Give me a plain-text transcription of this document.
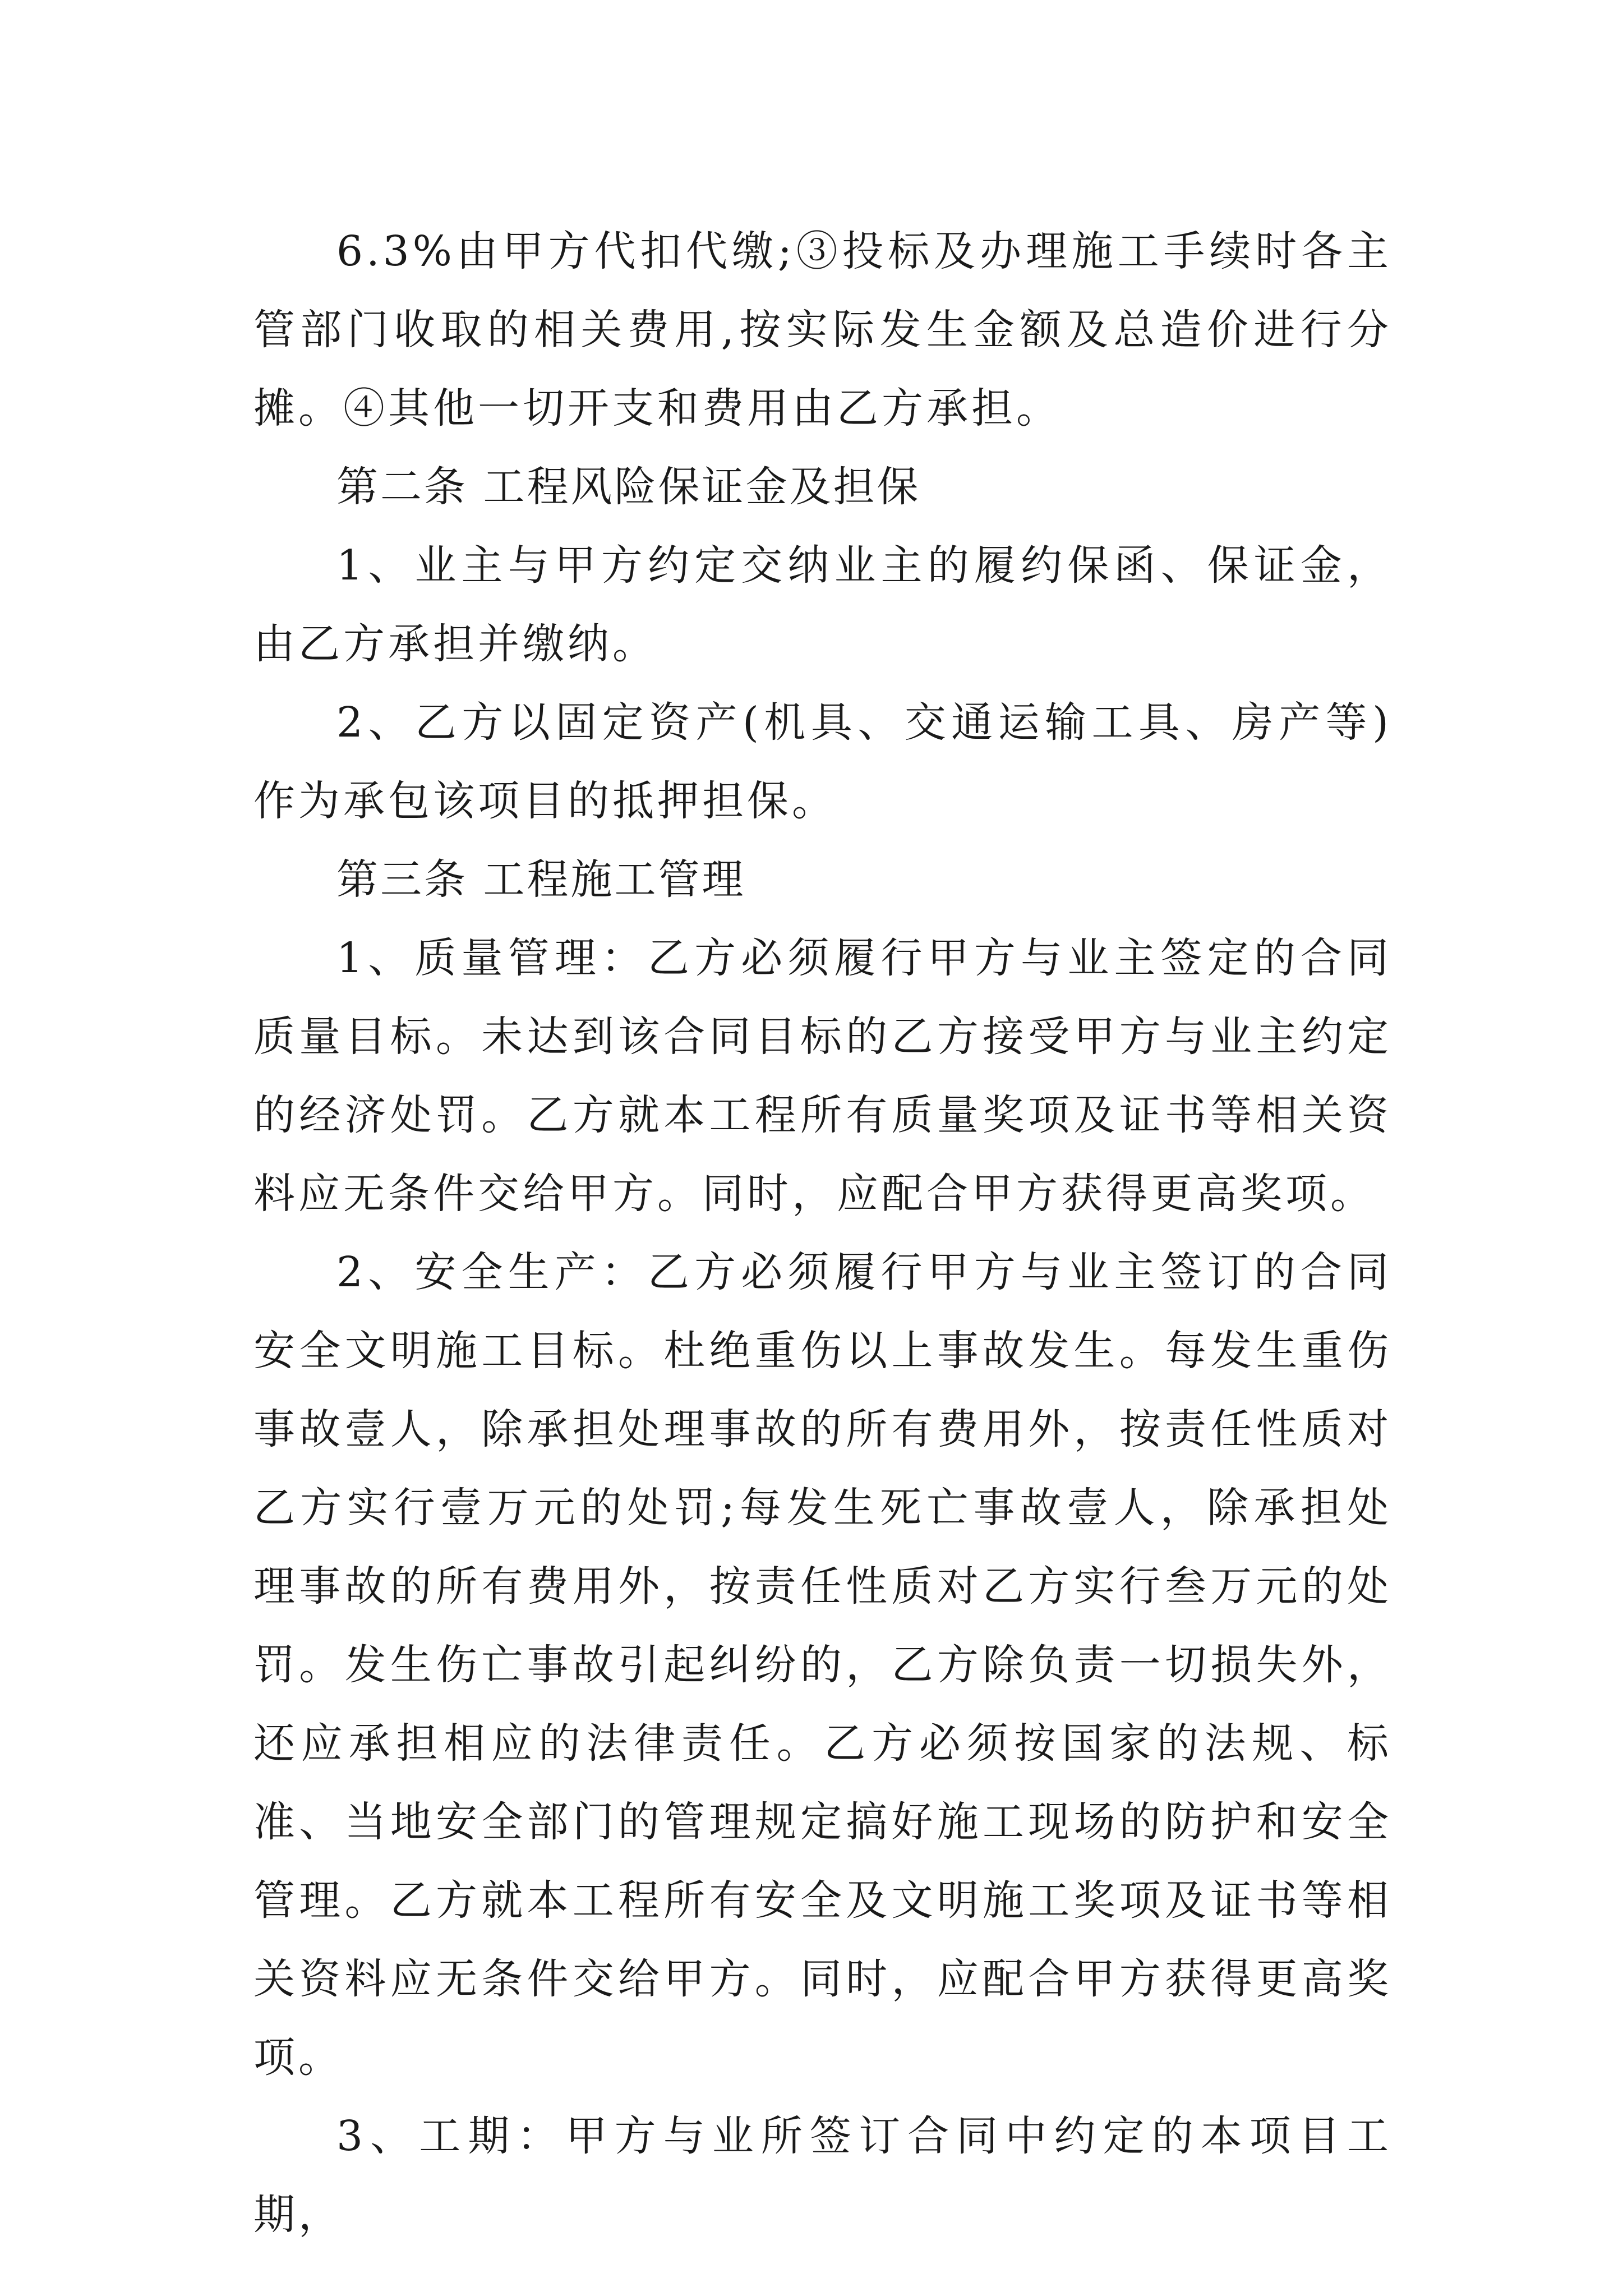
6.3%由甲方代扣代缴;③投标及办理施工手续时各主管部门收取的相关费用,按实际发生金额及总造价进行分摊。④其他一切开支和费用由乙方承担。

第二条 工程风险保证金及担保

1、业主与甲方约定交纳业主的履约保函、保证金，由乙方承担并缴纳。

2、乙方以固定资产(机具、交通运输工具、房产等)作为承包该项目的抵押担保。

第三条 工程施工管理

1、质量管理：乙方必须履行甲方与业主签定的合同质量目标。未达到该合同目标的乙方接受甲方与业主约定的经济处罚。乙方就本工程所有质量奖项及证书等相关资料应无条件交给甲方。同时，应配合甲方获得更高奖项。

2、安全生产：乙方必须履行甲方与业主签订的合同安全文明施工目标。杜绝重伤以上事故发生。每发生重伤事故壹人，除承担处理事故的所有费用外，按责任性质对乙方实行壹万元的处罚;每发生死亡事故壹人，除承担处理事故的所有费用外，按责任性质对乙方实行叁万元的处罚。发生伤亡事故引起纠纷的，乙方除负责一切损失外，还应承担相应的法律责任。乙方必须按国家的法规、标准、当地安全部门的管理规定搞好施工现场的防护和安全管理。乙方就本工程所有安全及文明施工奖项及证书等相关资料应无条件交给甲方。同时，应配合甲方获得更高奖项。

3、工期：甲方与业所签订合同中约定的本项目工期，
